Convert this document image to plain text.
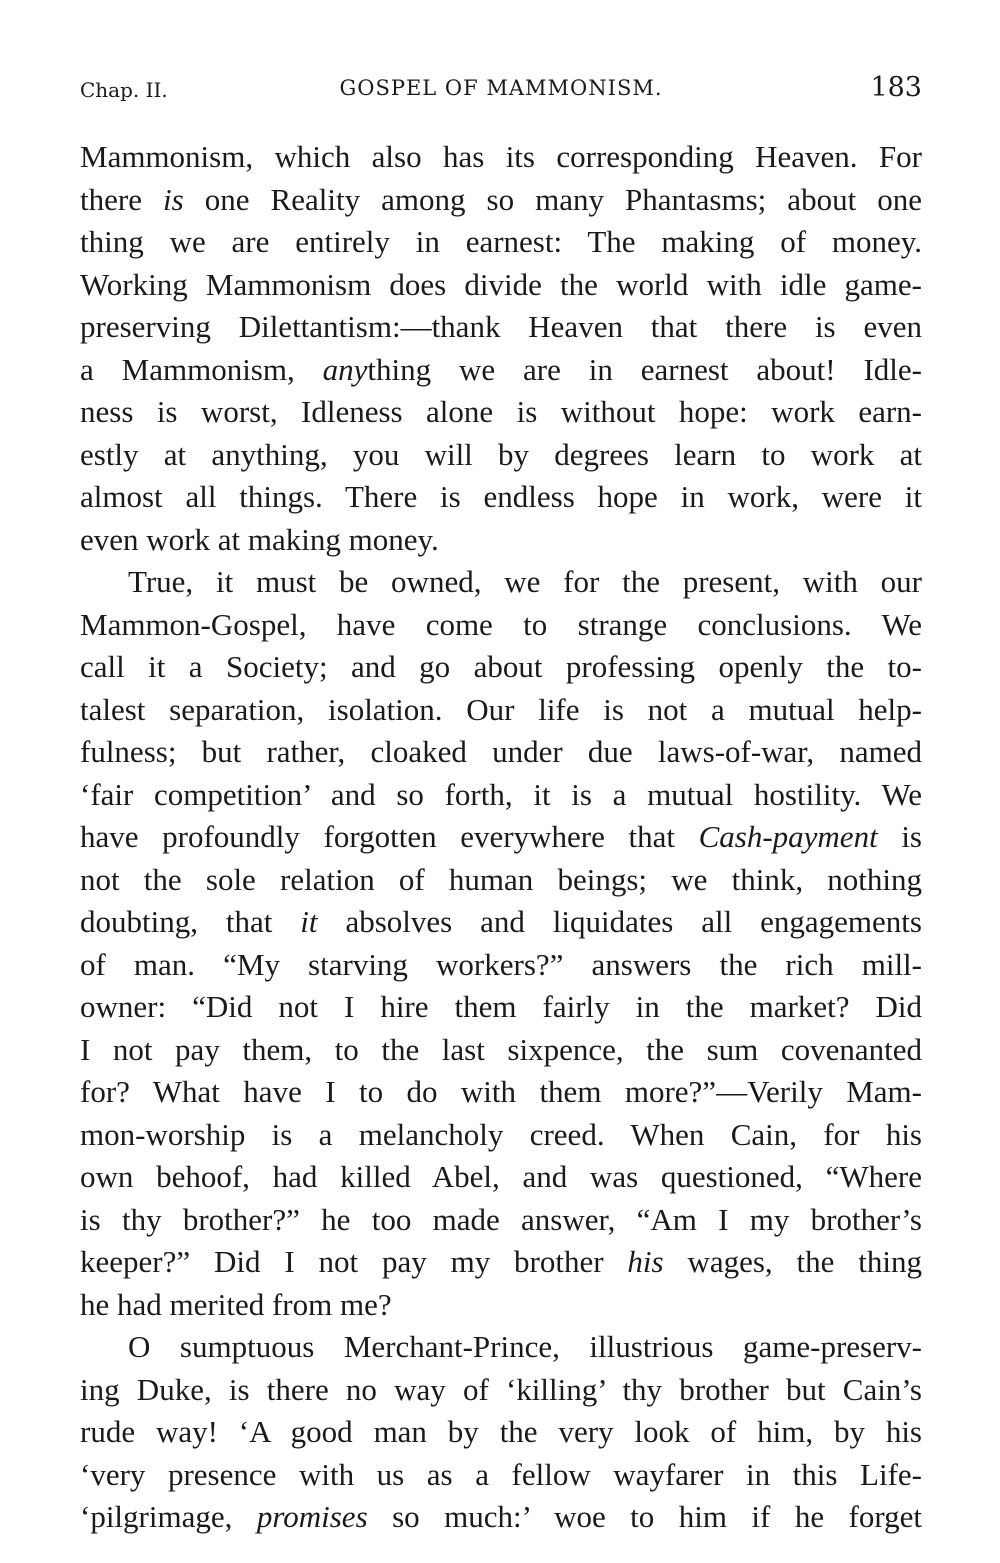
Chap. II.	GOSPEL OF MAMMONISM.	183
Mammonism, which also has its corresponding Heaven. For
there is one Reality among so many Phantasms; about one
thing we are entirely in earnest: The making of money.
Working Mammonism does divide the world with idle game-
preserving Dilettantism:—thank Heaven that there is even
a Mammonism, anything we are in earnest about! Idle-
ness is worst, Idleness alone is without hope: work earn-
estly at anything, you will by degrees learn to work at
almost all things. There is endless hope in work, were it
even work at making money.
True, it must be owned, we for the present, with our
Mammon-Gospel, have come to strange conclusions. We
call it a Society; and go about professing openly the to-
talest separation, isolation. Our life is not a mutual help-
fulness; but rather, cloaked under due laws-of-war, named
‘fair competition’ and so forth, it is a mutual hostility. We
have profoundly forgotten everywhere that Cash-payment is
not the sole relation of human beings; we think, nothing
doubting, that it absolves and liquidates all engagements
of man. “My starving workers?” answers the rich mill-
owner: “Did not I hire them fairly in the market? Did
I not pay them, to the last sixpence, the sum covenanted
for? What have I to do with them more?”—Verily Mam-
mon-worship is a melancholy creed. When Cain, for his
own behoof, had killed Abel, and was questioned, “Where
is thy brother?” he too made answer, “Am I my brother’s
keeper?” Did I not pay my brother his wages, the thing
he had merited from me?
O sumptuous Merchant-Prince, illustrious game-preserv-
ing Duke, is there no way of ‘killing’ thy brother but Cain’s
rude way! ‘A good man by the very look of him, by his
‘very presence with us as a fellow wayfarer in this Life-
‘pilgrimage, promises so much:’ woe to him if he forget
